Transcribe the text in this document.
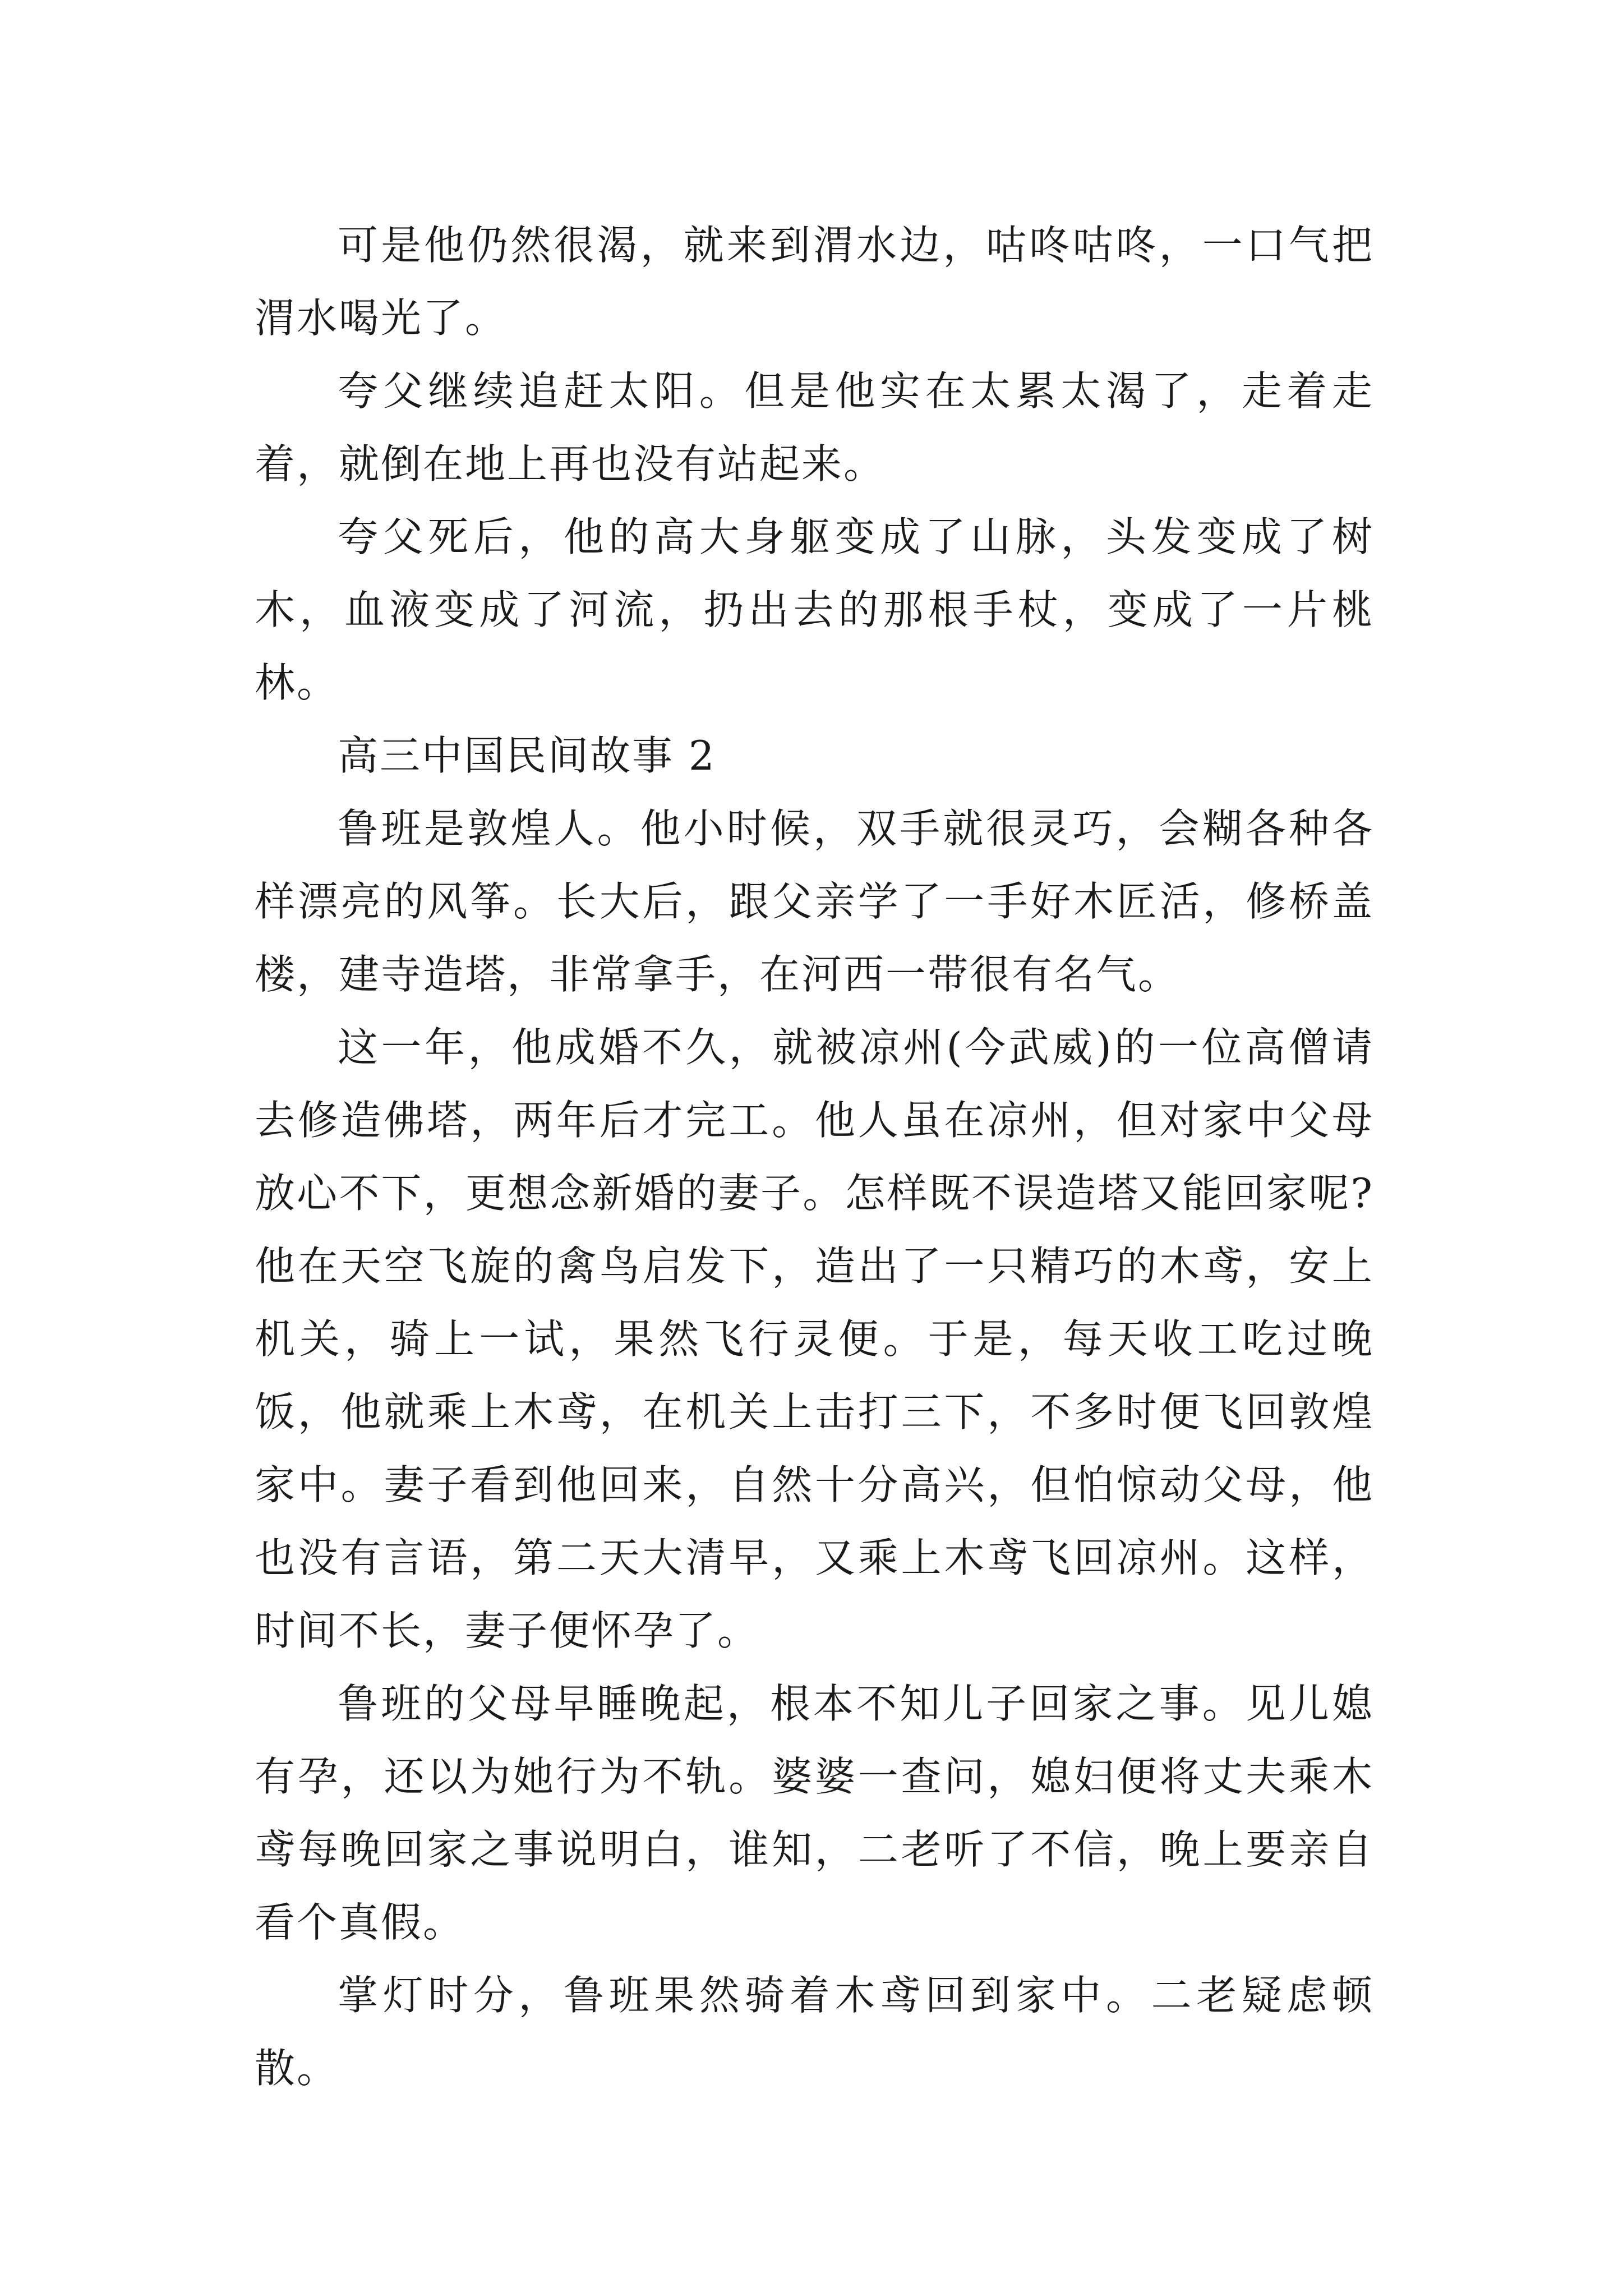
可是他仍然很渴，就来到渭水边，咕咚咕咚，一口气把渭水喝光了。

夸父继续追赶太阳。但是他实在太累太渴了，走着走着，就倒在地上再也没有站起来。

夸父死后，他的高大身躯变成了山脉，头发变成了树木，血液变成了河流，扔出去的那根手杖，变成了一片桃林。

高三中国民间故事 2

鲁班是敦煌人。他小时候，双手就很灵巧，会糊各种各样漂亮的风筝。长大后，跟父亲学了一手好木匠活，修桥盖楼，建寺造塔，非常拿手，在河西一带很有名气。

这一年，他成婚不久，就被凉州(今武威)的一位高僧请去修造佛塔，两年后才完工。他人虽在凉州，但对家中父母放心不下，更想念新婚的妻子。怎样既不误造塔又能回家呢?他在天空飞旋的禽鸟启发下，造出了一只精巧的木鸢，安上机关，骑上一试，果然飞行灵便。于是，每天收工吃过晚饭，他就乘上木鸢，在机关上击打三下，不多时便飞回敦煌家中。妻子看到他回来，自然十分高兴，但怕惊动父母，他也没有言语，第二天大清早，又乘上木鸢飞回凉州。这样，时间不长，妻子便怀孕了。

鲁班的父母早睡晚起，根本不知儿子回家之事。见儿媳有孕，还以为她行为不轨。婆婆一查问，媳妇便将丈夫乘木鸢每晚回家之事说明白，谁知，二老听了不信，晚上要亲自看个真假。

掌灯时分，鲁班果然骑着木鸢回到家中。二老疑虑顿散。
